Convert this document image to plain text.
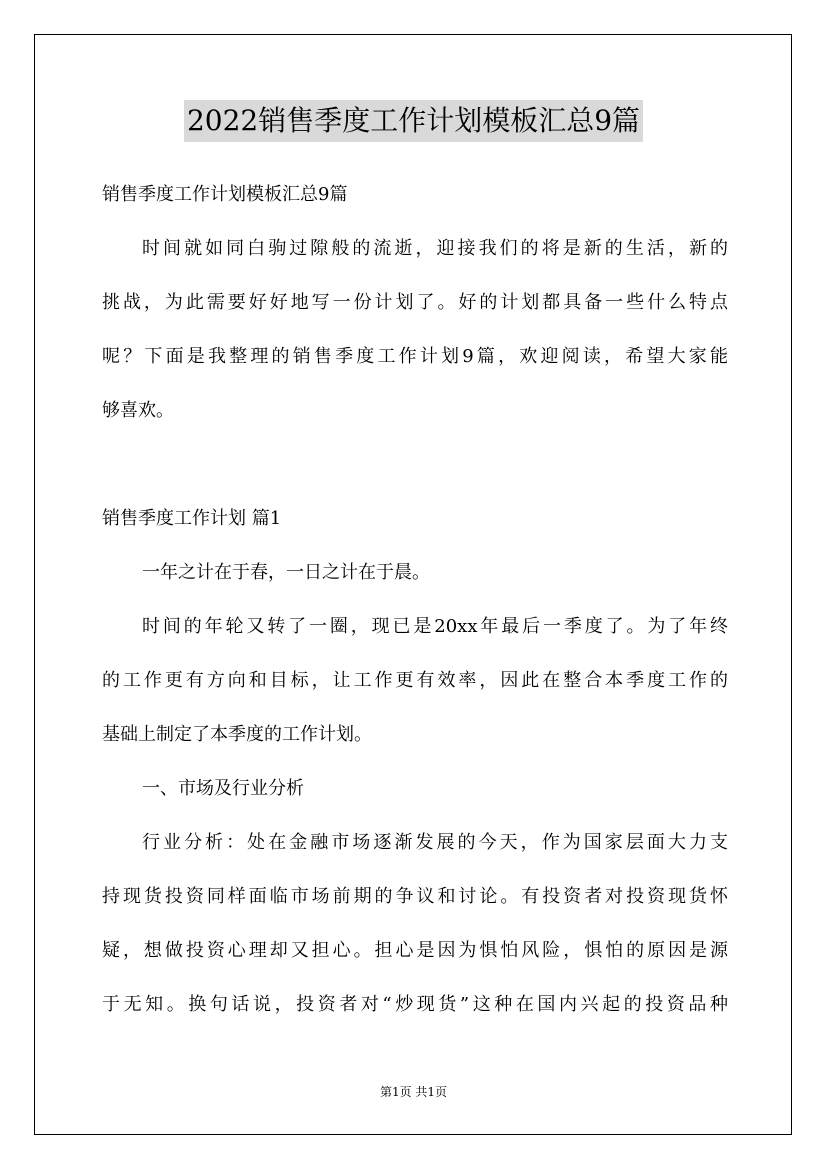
2022销售季度工作计划模板汇总9篇
销售季度工作计划模板汇总9篇
时间就如同白驹过隙般的流逝，迎接我们的将是新的生活，新的
挑战，为此需要好好地写一份计划了。好的计划都具备一些什么特点
呢？下面是我整理的销售季度工作计划9篇，欢迎阅读，希望大家能
够喜欢。
销售季度工作计划 篇1
一年之计在于春，一日之计在于晨。
时间的年轮又转了一圈，现已是20xx年最后一季度了。为了年终
的工作更有方向和目标，让工作更有效率，因此在整合本季度工作的
基础上制定了本季度的工作计划。
一、市场及行业分析
行业分析：处在金融市场逐渐发展的今天，作为国家层面大力支
持现货投资同样面临市场前期的争议和讨论。有投资者对投资现货怀
疑，想做投资心理却又担心。担心是因为惧怕风险，惧怕的原因是源
于无知。换句话说，投资者对“炒现货”这种在国内兴起的投资品种
第1页 共1页
